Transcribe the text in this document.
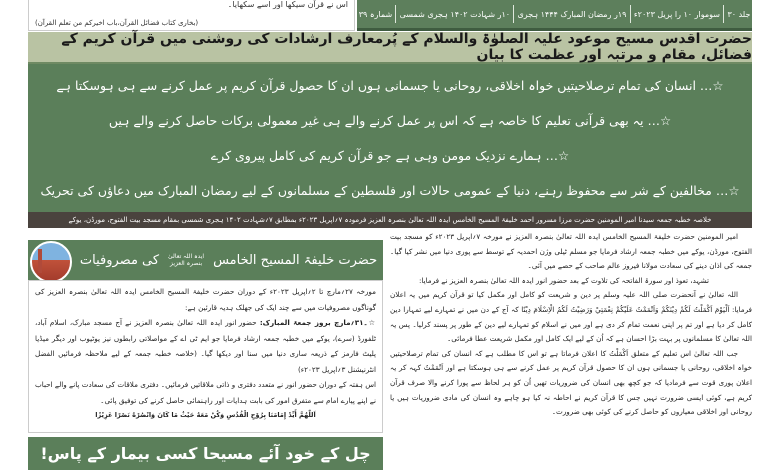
اس نے قرآن سیکھا اور اسے سکھایا۔
(بخاری کتاب فضائل القرآن،باب اخیرکم من تعلم القرآن)
جلد ۳۰
سوموار ۱۰ را پریل ۲۰۲۳ء
۱۹ر رمضان المبارک ۱۴۴۴ ہجری
۱۰ر شہادت ۱۴۰۲ ہجری شمسی
شمارہ ۳۹
حضرت اقدس مسیح موعود علیہ الصلوٰۃ والسلام کے پُرمعارف ارشادات کی روشنی میں قرآن کریم کے فضائل، مقام و مرتبہ اور عظمت کا بیان
☆… انسان کی تمام ترصلاحیتیں خواہ اخلاقی، روحانی یا جسمانی ہوں ان کا حصول قرآن کریم پر عمل کرنے سے ہی ہوسکتا ہے
☆… یہ بھی قرآنی تعلیم کا خاصہ ہے کہ اس پر عمل کرنے والے ہی غیر معمولی برکات حاصل کرنے والے ہیں
☆… ہمارے نزدیک مومن وہی ہے جو قرآن کریم کی کامل پیروی کرے
☆… مخالفین کے شر سے محفوظ رہنے، دنیا کے عمومی حالات اور فلسطین کے مسلمانوں کے لیے رمضان المبارک میں دعاؤں کی تحریک
خلاصہ خطبہ جمعہ سیدنا امیر المومنین حضرت مرزا مسرور احمد خلیفۃ المسیح الخامس ایدہ اللہ تعالیٰ بنصرہ العزیز فرمودہ ۷؍اپریل ۲۰۲۳ء بمطابق ۷؍شہادت ۱۴۰۲ ہجری شمسی بمقام مسجد بیت الفتوح، مورڈن، یوکے
حضرت خلیفۃ المسیح الخامس
ایدہ اللہ تعالیٰ بنصرہ العزیز
کی مصروفیات
مورخہ ۲۷؍مارچ تا ۲؍اپریل ۲۰۲۳ء کے دوران حضرت خلیفۃ المسیح الخامس ایدہ اللہ تعالیٰ بنصرہ العزیز کی گوناگوں مصروفیات میں سے چند ایک کی جھلک ہدیہ قارئین ہے:
☆۔۳۱؍مارچ بروز جمعۃ المبارک: حضور انور ایدہ اللہ تعالیٰ بنصرہ العزیز نے آج مسجد مبارک، اسلام آباد، ٹلفورڈ (سرے)، یوکے میں خطبہ جمعہ ارشاد فرمایا جو ایم ٹی اے کے مواصلاتی رابطوں نیز یوٹیوب اور دیگر میڈیا پلیٹ فارمز کے ذریعہ ساری دنیا میں سنا اور دیکھا گیا۔ (خلاصہ خطبہ جمعہ کے لیے ملاحظہ فرمائیں الفضل انٹرنیشنل ۳؍اپریل ۲۰۲۳ء)
اس ہفتہ کے دوران حضور انور نے متعدد دفتری و ذاتی ملاقاتیں فرمائیں۔ دفتری ملاقات کی سعادت پانے والے احباب نے اپنے پیارے امام سے متفرق امور کی بابت ہدایات اور راہنمائی حاصل کرنے کی توفیق پائی۔
اَللّٰهُمَّ أَيِّدْ إِمَامَنَا بِرُوْحِ الْقُدُسِ وَكُنْ مَعَهُ حَيْثُ مَا كَانَ وَانْصُرْهُ نَصْرًا عَزِيْزًا
چل کے خود آئے مسیحا کسی بیمار کے پاس!

امیر المومنین حضرت خلیفۃ المسیح الخامس ایدہ اللہ تعالیٰ بنصرہ العزیز نے مورخہ ۷؍اپریل ۲۰۲۳ء کو مسجد بیت الفتوح، مورڈن، یوکے میں خطبہ جمعہ ارشاد فرمایا جو مسلم ٹیلی وژن احمدیہ کے توسط سے پوری دنیا میں نشر کیا گیا۔ جمعہ کی اذان دینے کی سعادت مولانا فیروز عالم صاحب کے حصے میں آئی۔

تشہد، تعوذ اور سورۃ الفاتحہ کی تلاوت کے بعد حضور انور ایدہ اللہ تعالیٰ بنصرہ العزیز نے فرمایا:

اللہ تعالیٰ نے آنحضرت صلی اللہ علیہ وسلم پر دین و شریعت کو کامل اور مکمل کیا تو قرآن کریم میں یہ اعلان فرمایا: اَلْيَوْمَ اَكْمَلْتُ لَكُمْ دِيْنَكُمْ وَاَتْمَمْتُ عَلَيْكُمْ نِعْمَتِيْ وَرَضِيْتُ لَكُمُ الْاِسْلَامَ دِيْنًا کہ آج کے دن میں نے تمہارے لیے تمہارا دین کامل کر دیا ہے اور تم پر اپنی نعمت تمام کر دی ہے اور میں نے اسلام کو تمہارے لیے دین کے طور پر پسند کرلیا۔ پس یہ اللہ تعالیٰ کا مسلمانوں پر بہت بڑا احسان ہے کہ اُن کے لیے ایک کامل اور مکمل شریعت عطا فرمائی۔

جب اللہ تعالیٰ اس تعلیم کے متعلق اَكْمَلْتُ کا اعلان فرماتا ہے تو اس کا مطلب ہے کہ انسان کی تمام ترصلاحیتیں خواہ اخلاقی، روحانی یا جسمانی ہوں ان کا حصول قرآن کریم پر عمل کرنے سے ہی ہوسکتا ہے اور اَتْمَمْتُ کہہ کر یہ اعلان پوری قوت سے فرمادیا کہ جو کچھ بھی انسان کی ضروریات تھیں اُن کو ہر لحاظ سے پورا کرنے والا صرف قرآن کریم ہے، کوئی ایسی ضرورت نہیں جس کا قرآن کریم نے احاطہ نہ کیا ہو چاہے وہ انسان کی مادی ضروریات ہیں یا روحانی اور اخلاقی معیاروں کو حاصل کرنے کی کوئی بھی ضرورت۔
